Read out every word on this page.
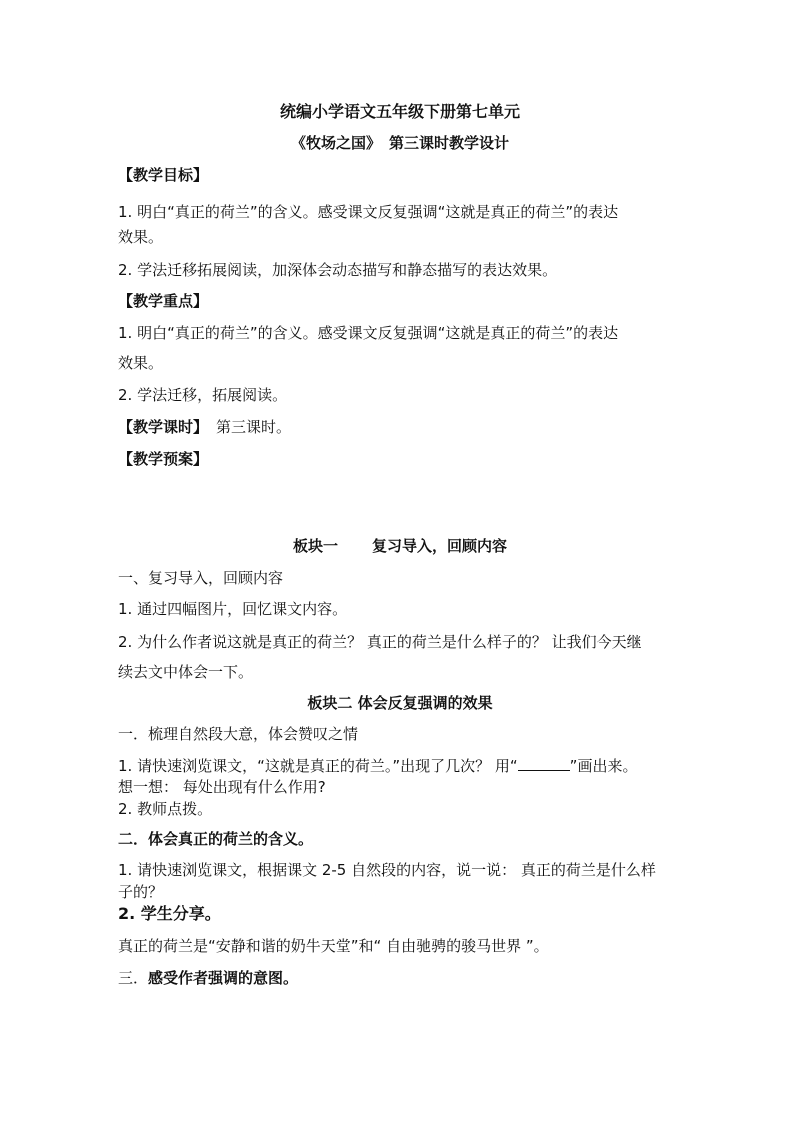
统编小学语文五年级下册第七单元
《牧场之国》 第三课时教学设计
【教学目标】
1. 明白“真正的荷兰”的含义。感受课文反复强调“这就是真正的荷兰”的表达
效果。
2. 学法迁移拓展阅读，加深体会动态描写和静态描写的表达效果。
【教学重点】
1. 明白“真正的荷兰”的含义。感受课文反复强调“这就是真正的荷兰”的表达
效果。
2. 学法迁移，拓展阅读。
【教学课时】 第三课时。
【教学预案】
板块一 复习导入，回顾内容
一、复习导入，回顾内容
1. 通过四幅图片，回忆课文内容。
2. 为什么作者说这就是真正的荷兰？ 真正的荷兰是什么样子的？ 让我们今天继
续去文中体会一下。
板块二 体会反复强调的效果
一．梳理自然段大意，体会赞叹之情
1. 请快速浏览课文，“这就是真正的荷兰。”出现了几次？ 用“	”画出来。
想一想： 每处出现有什么作用?
2. 教师点拨。
二．体会真正的荷兰的含义。
1. 请快速浏览课文，根据课文 2-5 自然段的内容，说一说： 真正的荷兰是什么样
子的？
2. 学生分享。
真正的荷兰是“安静和谐的奶牛天堂”和“ 自由驰骋的骏马世界 ”。
三．感受作者强调的意图。
